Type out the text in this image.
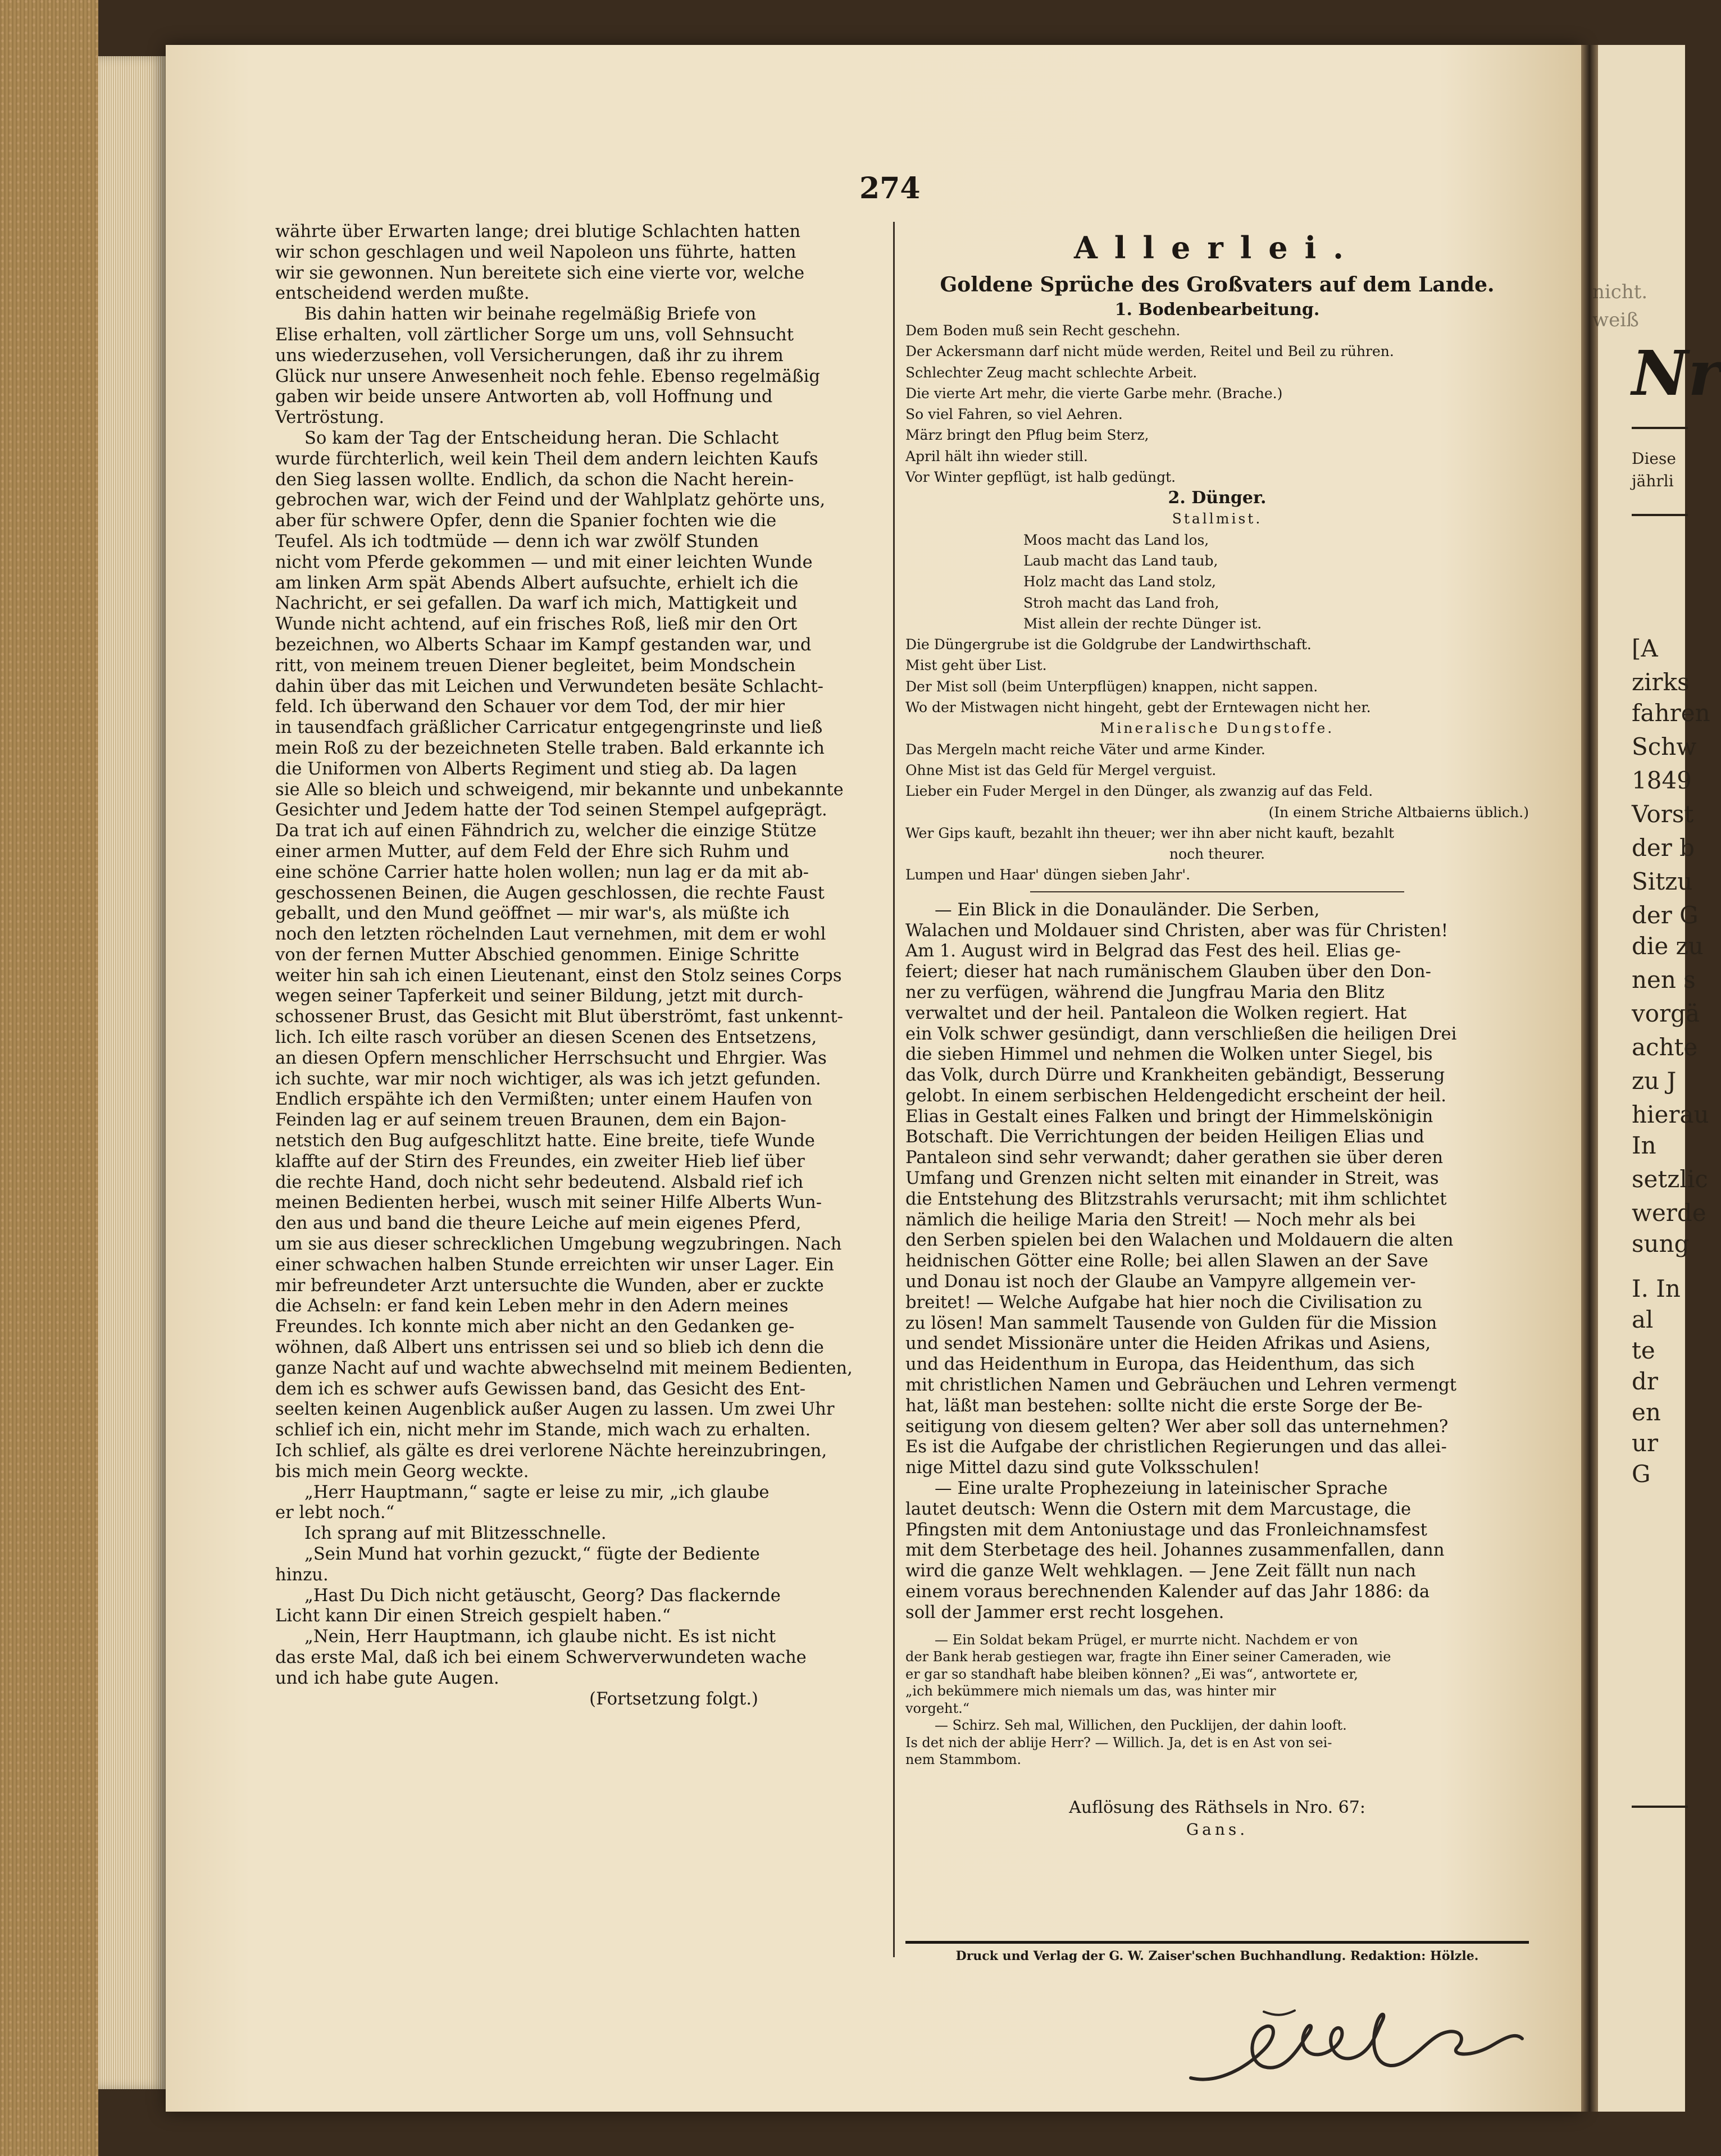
274
währte über Erwarten lange; drei blutige Schlachten hatten
wir schon geschlagen und weil Napoleon uns führte, hatten
wir sie gewonnen. Nun bereitete sich eine vierte vor, welche
entscheidend werden mußte.
Bis dahin hatten wir beinahe regelmäßig Briefe von
Elise erhalten, voll zärtlicher Sorge um uns, voll Sehnsucht
uns wiederzusehen, voll Versicherungen, daß ihr zu ihrem
Glück nur unsere Anwesenheit noch fehle. Ebenso regelmäßig
gaben wir beide unsere Antworten ab, voll Hoffnung und
Vertröstung.
So kam der Tag der Entscheidung heran. Die Schlacht
wurde fürchterlich, weil kein Theil dem andern leichten Kaufs
den Sieg lassen wollte. Endlich, da schon die Nacht herein-
gebrochen war, wich der Feind und der Wahlplatz gehörte uns,
aber für schwere Opfer, denn die Spanier fochten wie die
Teufel. Als ich todtmüde — denn ich war zwölf Stunden
nicht vom Pferde gekommen — und mit einer leichten Wunde
am linken Arm spät Abends Albert aufsuchte, erhielt ich die
Nachricht, er sei gefallen. Da warf ich mich, Mattigkeit und
Wunde nicht achtend, auf ein frisches Roß, ließ mir den Ort
bezeichnen, wo Alberts Schaar im Kampf gestanden war, und
ritt, von meinem treuen Diener begleitet, beim Mondschein
dahin über das mit Leichen und Verwundeten besäte Schlacht-
feld. Ich überwand den Schauer vor dem Tod, der mir hier
in tausendfach gräßlicher Carricatur entgegengrinste und ließ
mein Roß zu der bezeichneten Stelle traben. Bald erkannte ich
die Uniformen von Alberts Regiment und stieg ab. Da lagen
sie Alle so bleich und schweigend, mir bekannte und unbekannte
Gesichter und Jedem hatte der Tod seinen Stempel aufgeprägt.
Da trat ich auf einen Fähndrich zu, welcher die einzige Stütze
einer armen Mutter, auf dem Feld der Ehre sich Ruhm und
eine schöne Carrier hatte holen wollen; nun lag er da mit ab-
geschossenen Beinen, die Augen geschlossen, die rechte Faust
geballt, und den Mund geöffnet — mir war's, als müßte ich
noch den letzten röchelnden Laut vernehmen, mit dem er wohl
von der fernen Mutter Abschied genommen. Einige Schritte
weiter hin sah ich einen Lieutenant, einst den Stolz seines Corps
wegen seiner Tapferkeit und seiner Bildung, jetzt mit durch-
schossener Brust, das Gesicht mit Blut überströmt, fast unkennt-
lich. Ich eilte rasch vorüber an diesen Scenen des Entsetzens,
an diesen Opfern menschlicher Herrschsucht und Ehrgier. Was
ich suchte, war mir noch wichtiger, als was ich jetzt gefunden.
Endlich erspähte ich den Vermißten; unter einem Haufen von
Feinden lag er auf seinem treuen Braunen, dem ein Bajon-
netstich den Bug aufgeschlitzt hatte. Eine breite, tiefe Wunde
klaffte auf der Stirn des Freundes, ein zweiter Hieb lief über
die rechte Hand, doch nicht sehr bedeutend. Alsbald rief ich
meinen Bedienten herbei, wusch mit seiner Hilfe Alberts Wun-
den aus und band die theure Leiche auf mein eigenes Pferd,
um sie aus dieser schrecklichen Umgebung wegzubringen. Nach
einer schwachen halben Stunde erreichten wir unser Lager. Ein
mir befreundeter Arzt untersuchte die Wunden, aber er zuckte
die Achseln: er fand kein Leben mehr in den Adern meines
Freundes. Ich konnte mich aber nicht an den Gedanken ge-
wöhnen, daß Albert uns entrissen sei und so blieb ich denn die
ganze Nacht auf und wachte abwechselnd mit meinem Bedienten,
dem ich es schwer aufs Gewissen band, das Gesicht des Ent-
seelten keinen Augenblick außer Augen zu lassen. Um zwei Uhr
schlief ich ein, nicht mehr im Stande, mich wach zu erhalten.
Ich schlief, als gälte es drei verlorene Nächte hereinzubringen,
bis mich mein Georg weckte.
„Herr Hauptmann,“ sagte er leise zu mir, „ich glaube
er lebt noch.“
Ich sprang auf mit Blitzesschnelle.
„Sein Mund hat vorhin gezuckt,“ fügte der Bediente
hinzu.
„Hast Du Dich nicht getäuscht, Georg? Das flackernde
Licht kann Dir einen Streich gespielt haben.“
„Nein, Herr Hauptmann, ich glaube nicht. Es ist nicht
das erste Mal, daß ich bei einem Schwerverwundeten wache
und ich habe gute Augen.
(Fortsetzung folgt.)
Allerlei.
Goldene Sprüche des Großvaters auf dem Lande.
1. Bodenbearbeitung.
Dem Boden muß sein Recht geschehn.
Der Ackersmann darf nicht müde werden, Reitel und Beil zu rühren.
Schlechter Zeug macht schlechte Arbeit.
Die vierte Art mehr, die vierte Garbe mehr. (Brache.)
So viel Fahren, so viel Aehren.
März bringt den Pflug beim Sterz,
April hält ihn wieder still.
Vor Winter gepflügt, ist halb gedüngt.
2. Dünger.
Stallmist.
Moos macht das Land los,
Laub macht das Land taub,
Holz macht das Land stolz,
Stroh macht das Land froh,
Mist allein der rechte Dünger ist.
Die Düngergrube ist die Goldgrube der Landwirthschaft.
Mist geht über List.
Der Mist soll (beim Unterpflügen) knappen, nicht sappen.
Wo der Mistwagen nicht hingeht, gebt der Erntewagen nicht her.
Mineralische Dungstoffe.
Das Mergeln macht reiche Väter und arme Kinder.
Ohne Mist ist das Geld für Mergel verguist.
Lieber ein Fuder Mergel in den Dünger, als zwanzig auf das Feld.
(In einem Striche Altbaierns üblich.)
Wer Gips kauft, bezahlt ihn theuer; wer ihn aber nicht kauft, bezahlt
noch theurer.
Lumpen und Haar' düngen sieben Jahr'.
— Ein Blick in die Donauländer. Die Serben,
Walachen und Moldauer sind Christen, aber was für Christen!
Am 1. August wird in Belgrad das Fest des heil. Elias ge-
feiert; dieser hat nach rumänischem Glauben über den Don-
ner zu verfügen, während die Jungfrau Maria den Blitz
verwaltet und der heil. Pantaleon die Wolken regiert. Hat
ein Volk schwer gesündigt, dann verschließen die heiligen Drei
die sieben Himmel und nehmen die Wolken unter Siegel, bis
das Volk, durch Dürre und Krankheiten gebändigt, Besserung
gelobt. In einem serbischen Heldengedicht erscheint der heil.
Elias in Gestalt eines Falken und bringt der Himmelskönigin
Botschaft. Die Verrichtungen der beiden Heiligen Elias und
Pantaleon sind sehr verwandt; daher gerathen sie über deren
Umfang und Grenzen nicht selten mit einander in Streit, was
die Entstehung des Blitzstrahls verursacht; mit ihm schlichtet
nämlich die heilige Maria den Streit! — Noch mehr als bei
den Serben spielen bei den Walachen und Moldauern die alten
heidnischen Götter eine Rolle; bei allen Slawen an der Save
und Donau ist noch der Glaube an Vampyre allgemein ver-
breitet! — Welche Aufgabe hat hier noch die Civilisation zu
zu lösen! Man sammelt Tausende von Gulden für die Mission
und sendet Missionäre unter die Heiden Afrikas und Asiens,
und das Heidenthum in Europa, das Heidenthum, das sich
mit christlichen Namen und Gebräuchen und Lehren vermengt
hat, läßt man bestehen: sollte nicht die erste Sorge der Be-
seitigung von diesem gelten? Wer aber soll das unternehmen?
Es ist die Aufgabe der christlichen Regierungen und das allei-
nige Mittel dazu sind gute Volksschulen!
— Eine uralte Prophezeiung in lateinischer Sprache
lautet deutsch: Wenn die Ostern mit dem Marcustage, die
Pfingsten mit dem Antoniustage und das Fronleichnamsfest
mit dem Sterbetage des heil. Johannes zusammenfallen, dann
wird die ganze Welt wehklagen. — Jene Zeit fällt nun nach
einem voraus berechnenden Kalender auf das Jahr 1886: da
soll der Jammer erst recht losgehen.
— Ein Soldat bekam Prügel, er murrte nicht. Nachdem er von
der Bank herab gestiegen war, fragte ihn Einer seiner Cameraden, wie
er gar so standhaft habe bleiben können? „Ei was“, antwortete er,
„ich bekümmere mich niemals um das, was hinter mir
vorgeht.“
— Schirz. Seh mal, Willichen, den Pucklijen, der dahin looft.
Is det nich der ablije Herr? — Willich. Ja, det is en Ast von sei-
nem Stammbom.
Auflösung des Räthsels in Nro. 67:
Gans.
Druck und Verlag der G. W. Zaiser'schen Buchhandlung. Redaktion: Hölzle.
Nr
nicht.
weiß
Diese
jährli
[A
zirks
fahren
Schw
1849
Vorst
der b
Sitzu
der G
die zu
nen s
vorgä
achte
zu J
hierau
In
setzlic
werde
sung
I. In
al
te
dr
en
ur
G
